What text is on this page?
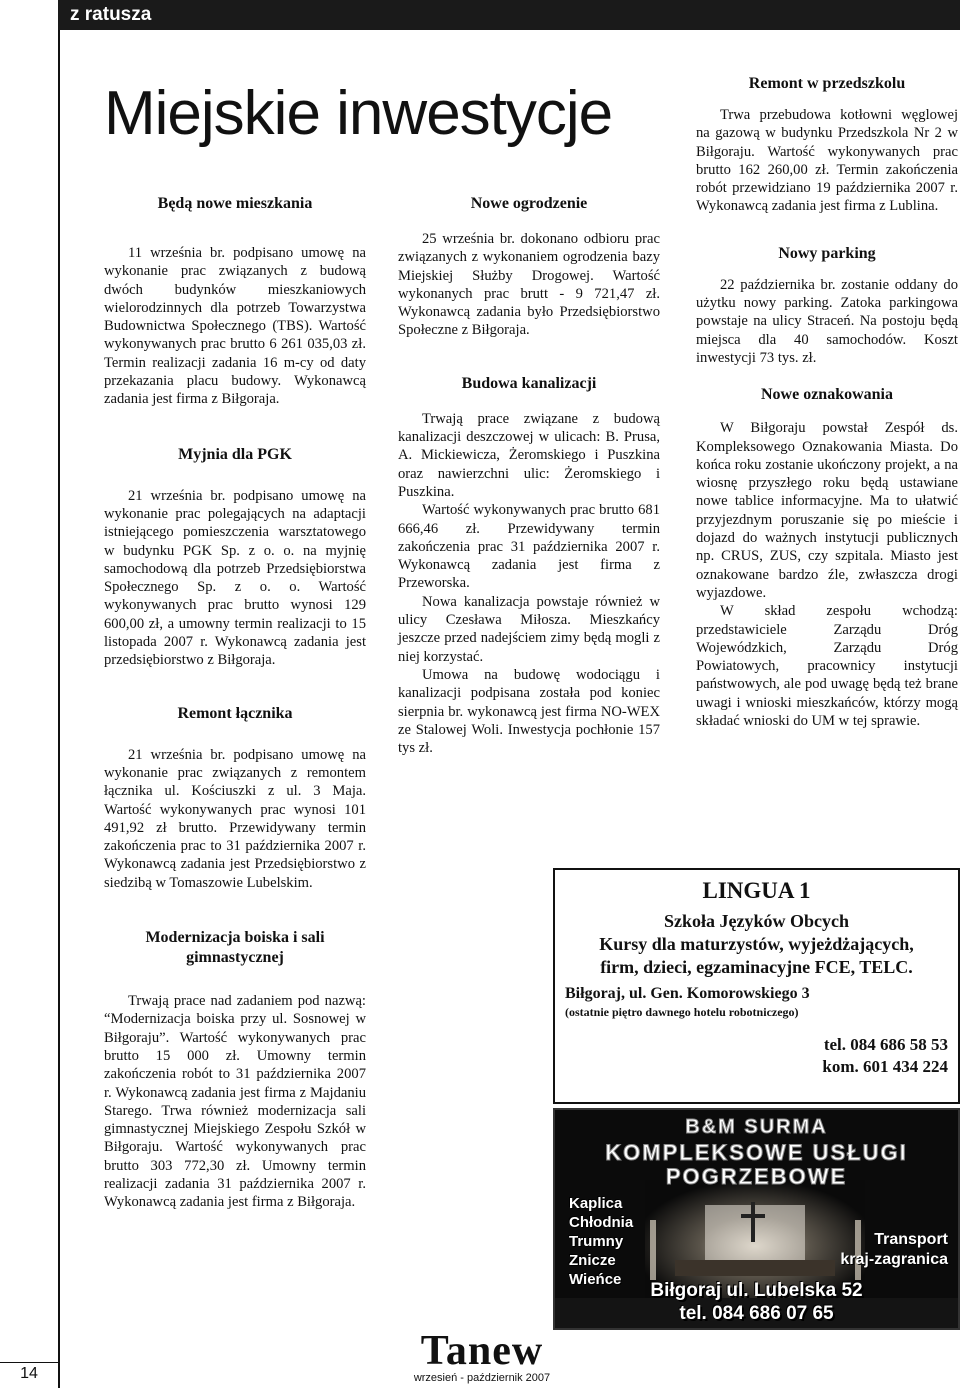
z ratusza
Miejskie inwestycje
Będą nowe mieszkania

11 września br. podpisano umowę na wykonanie prac związanych z budową dwóch budynków mieszkaniowych wielorodzinnych dla potrzeb Towarzystwa Budownictwa Społecznego (TBS). Wartość wykonywanych prac brutto 6 261 035,03 zł. Termin realizacji zadania 16 m-cy od daty przekazania placu budowy. Wykonawcą zadania jest firma z Biłgoraja.

Myjnia dla PGK

21 września br. podpisano umowę na wykonanie prac polegających na adaptacji istniejącego pomieszczenia warsztatowego w budynku PGK Sp. z o. o. na myjnię samochodową dla potrzeb Przedsiębiorstwa Społecznego Sp. z o. o. Wartość wykonywanych prac brutto wynosi 129 600,00 zł, a umowny termin realizacji to 15 listopada 2007 r. Wykonawcą zadania jest przedsiębiorstwo z Biłgoraja.

Remont łącznika

21 września br. podpisano umowę na wykonanie prac związanych z remontem łącznika ul. Kościuszki z ul. 3 Maja. Wartość wykonywanych prac wynosi 101 491,92 zł brutto. Przewidywany termin zakończenia prac to 31 października 2007 r. Wykonawcą zadania jest Przedsiębiorstwo z siedzibą w Tomaszowie Lubelskim.

Modernizacja boiska i sali gimnastycznej

Trwają prace nad zadaniem pod nazwą: “Modernizacja boiska przy ul. Sosnowej w Biłgoraju”. Wartość wykonywanych prac brutto 15 000 zł. Umowny termin zakończenia robót to 31 października 2007 r. Wykonawcą zadania jest firma z Majdaniu Starego. Trwa również modernizacja sali gimnastycznej Miejskiego Zespołu Szkół w Biłgoraju. Wartość wykonywanych prac brutto 303 772,30 zł. Umowny termin realizacji zadania 31 października 2007 r. Wykonawcą zadania jest firma z Biłgoraja.

Nowe ogrodzenie

25 września br. dokonano odbioru prac związanych z wykonaniem ogrodzenia bazy Miejskiej Służby Drogowej. Wartość wykonanych prac brutt - 9 721,47 zł. Wykonawcą zadania było Przedsiębiorstwo Społeczne z Biłgoraja.

Budowa kanalizacji

Trwają prace związane z budową kanalizacji deszczowej w ulicach: B. Prusa, A. Mickiewicza, Żeromskiego i Puszkina oraz nawierzchni ulic: Żeromskiego i Puszkina.

Wartość wykonywanych prac brutto 681 666,46 zł. Przewidywany termin zakończenia prac 31 października 2007 r. Wykonawcą zadania jest firma z Przeworska.

Nowa kanalizacja powstaje również w ulicy Czesława Miłosza. Mieszkańcy jeszcze przed nadejściem zimy będą mogli z niej korzystać.

Umowa na budowę wodociągu i kanalizacji podpisana została pod koniec sierpnia br. wykonawcą jest firma NO-WEX ze Stalowej Woli. Inwestycja pochłonie 157 tys zł.

Remont w przedszkolu

Trwa przebudowa kotłowni węglowej na gazową w budynku Przedszkola Nr 2 w Biłgoraju. Wartość wykonywanych prac brutto 162 260,00 zł. Termin zakończenia robót przewidziano 19 października 2007 r. Wykonawcą zadania jest firma z Lublina.

Nowy parking

22 października br. zostanie oddany do użytku nowy parking. Zatoka parkingowa powstaje na ulicy Straceń. Na postoju będą miejsca dla 40 samochodów. Koszt inwestycji 73 tys. zł.

Nowe oznakowania

W Biłgoraju powstał Zespół ds. Kompleksowego Oznakowania Miasta. Do końca roku zostanie ukończony projekt, a na wiosnę przyszłego roku będą ustawiane nowe tablice informacyjne. Ma to ułatwić przyjezdnym poruszanie się po mieście i dojazd do ważnych instytucji publicznych np. CRUS, ZUS, czy szpitala. Miasto jest oznakowane bardzo źle, zwłaszcza drogi wyjazdowe.

W skład zespołu wchodzą: przedstawiciele Zarządu Dróg Wojewódzkich, Zarządu Dróg Powiatowych, pracownicy instytucji państwowych, ale pod uwagę będą też brane uwagi i wnioski mieszkańców, którzy mogą składać wnioski do UM w tej sprawie.

LINGUA 1
Szkoła Języków Obcych
Kursy dla maturzystów, wyjeżdżających,
firm, dzieci, egzaminacyjne FCE, TELC.
Biłgoraj, ul. Gen. Komorowskiego 3
(ostatnie piętro dawnego hotelu robotniczego)
tel. 084 686 58 53
kom. 601 434 224
B&M SURMA
KOMPLEKSOWE USŁUGI
POGRZEBOWE
Kaplica
Chłodnia
Trumny
Znicze
Wieńce
Transport
kraj-zagranica
Biłgoraj ul. Lubelska 52
tel. 084 686 07 65
14	Tanew
wrzesień - październik 2007
